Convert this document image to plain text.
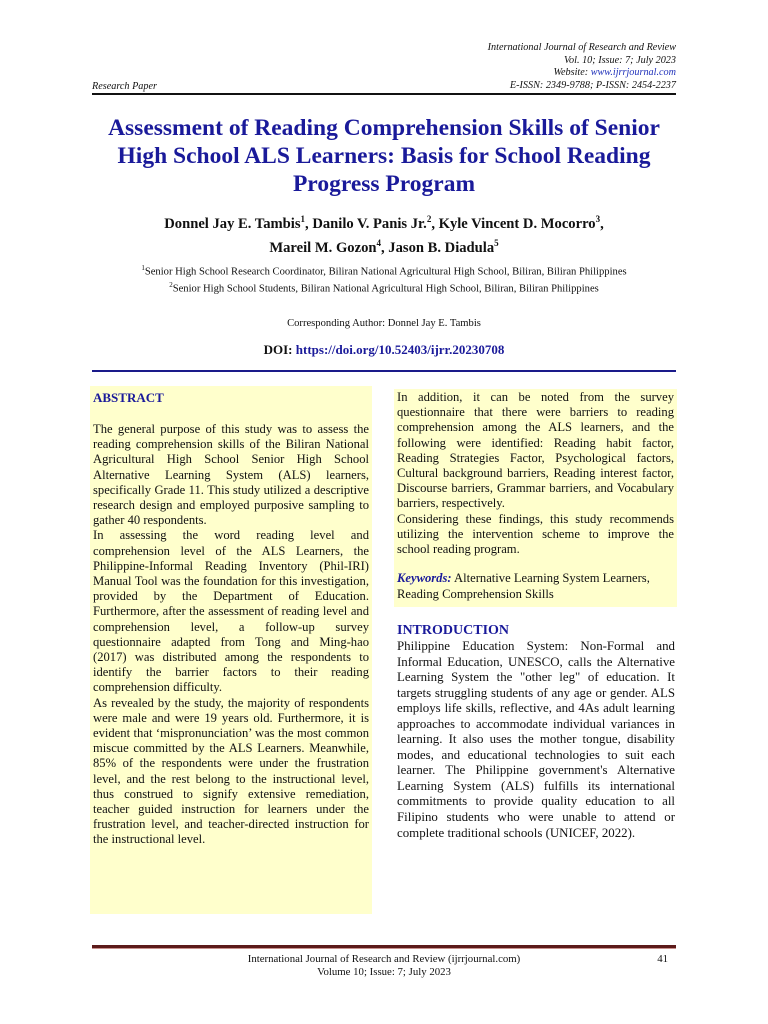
International Journal of Research and Review
Vol. 10; Issue: 7; July 2023
Website: www.ijrrjournal.com
E-ISSN: 2349-9788; P-ISSN: 2454-2237
Research Paper
Assessment of Reading Comprehension Skills of Senior High School ALS Learners: Basis for School Reading Progress Program
Donnel Jay E. Tambis$^1$, Danilo V. Panis Jr.$^2$, Kyle Vincent D. Mocorro$^3$,
Mareil M. Gozon$^4$, Jason B. Diadula$^5$
$^1$Senior High School Research Coordinator, Biliran National Agricultural High School, Biliran, Biliran Philippines
$^2$Senior High School Students, Biliran National Agricultural High School, Biliran, Biliran Philippines
Corresponding Author: Donnel Jay E. Tambis
DOI: https://doi.org/10.52403/ijrr.20230708
ABSTRACT

The general purpose of this study was to assess the reading comprehension skills of the Biliran National Agricultural High School Senior High School Alternative Learning System (ALS) learners, specifically Grade 11. This study utilized a descriptive research design and employed purposive sampling to gather 40 respondents.

In assessing the word reading level and comprehension level of the ALS Learners, the Philippine-Informal Reading Inventory (Phil-IRI) Manual Tool was the foundation for this investigation, provided by the Department of Education. Furthermore, after the assessment of reading level and comprehension level, a follow-up survey questionnaire adapted from Tong and Ming-hao (2017) was distributed among the respondents to identify the barrier factors to their reading comprehension difficulty.

As revealed by the study, the majority of respondents were male and were 19 years old. Furthermore, it is evident that ‘mispronunciation’ was the most common miscue committed by the ALS Learners. Meanwhile, 85% of the respondents were under the frustration level, and the rest belong to the instructional level, thus construed to signify extensive remediation, teacher guided instruction for learners under the frustration level, and teacher-directed instruction for the instructional level.

In addition, it can be noted from the survey questionnaire that there were barriers to reading comprehension among the ALS learners, and the following were identified: Reading habit factor, Reading Strategies Factor, Psychological factors, Cultural background barriers, Reading interest factor, Discourse barriers, Grammar barriers, and Vocabulary barriers, respectively.

Considering these findings, this study recommends utilizing the intervention scheme to improve the school reading program.

Keywords: Alternative Learning System Learners, Reading Comprehension Skills
INTRODUCTION

Philippine Education System: Non-Formal and Informal Education, UNESCO, calls the Alternative Learning System the "other leg" of education. It targets struggling students of any age or gender. ALS employs life skills, reflective, and 4As adult learning approaches to accommodate individual variances in learning. It also uses the mother tongue, disability modes, and educational technologies to suit each learner. The Philippine government's Alternative Learning System (ALS) fulfills its international commitments to provide quality education to all Filipino students who were unable to attend or complete traditional schools (UNICEF, 2022).

International Journal of Research and Review (ijrrjournal.com)
Volume 10; Issue: 7; July 2023
41
